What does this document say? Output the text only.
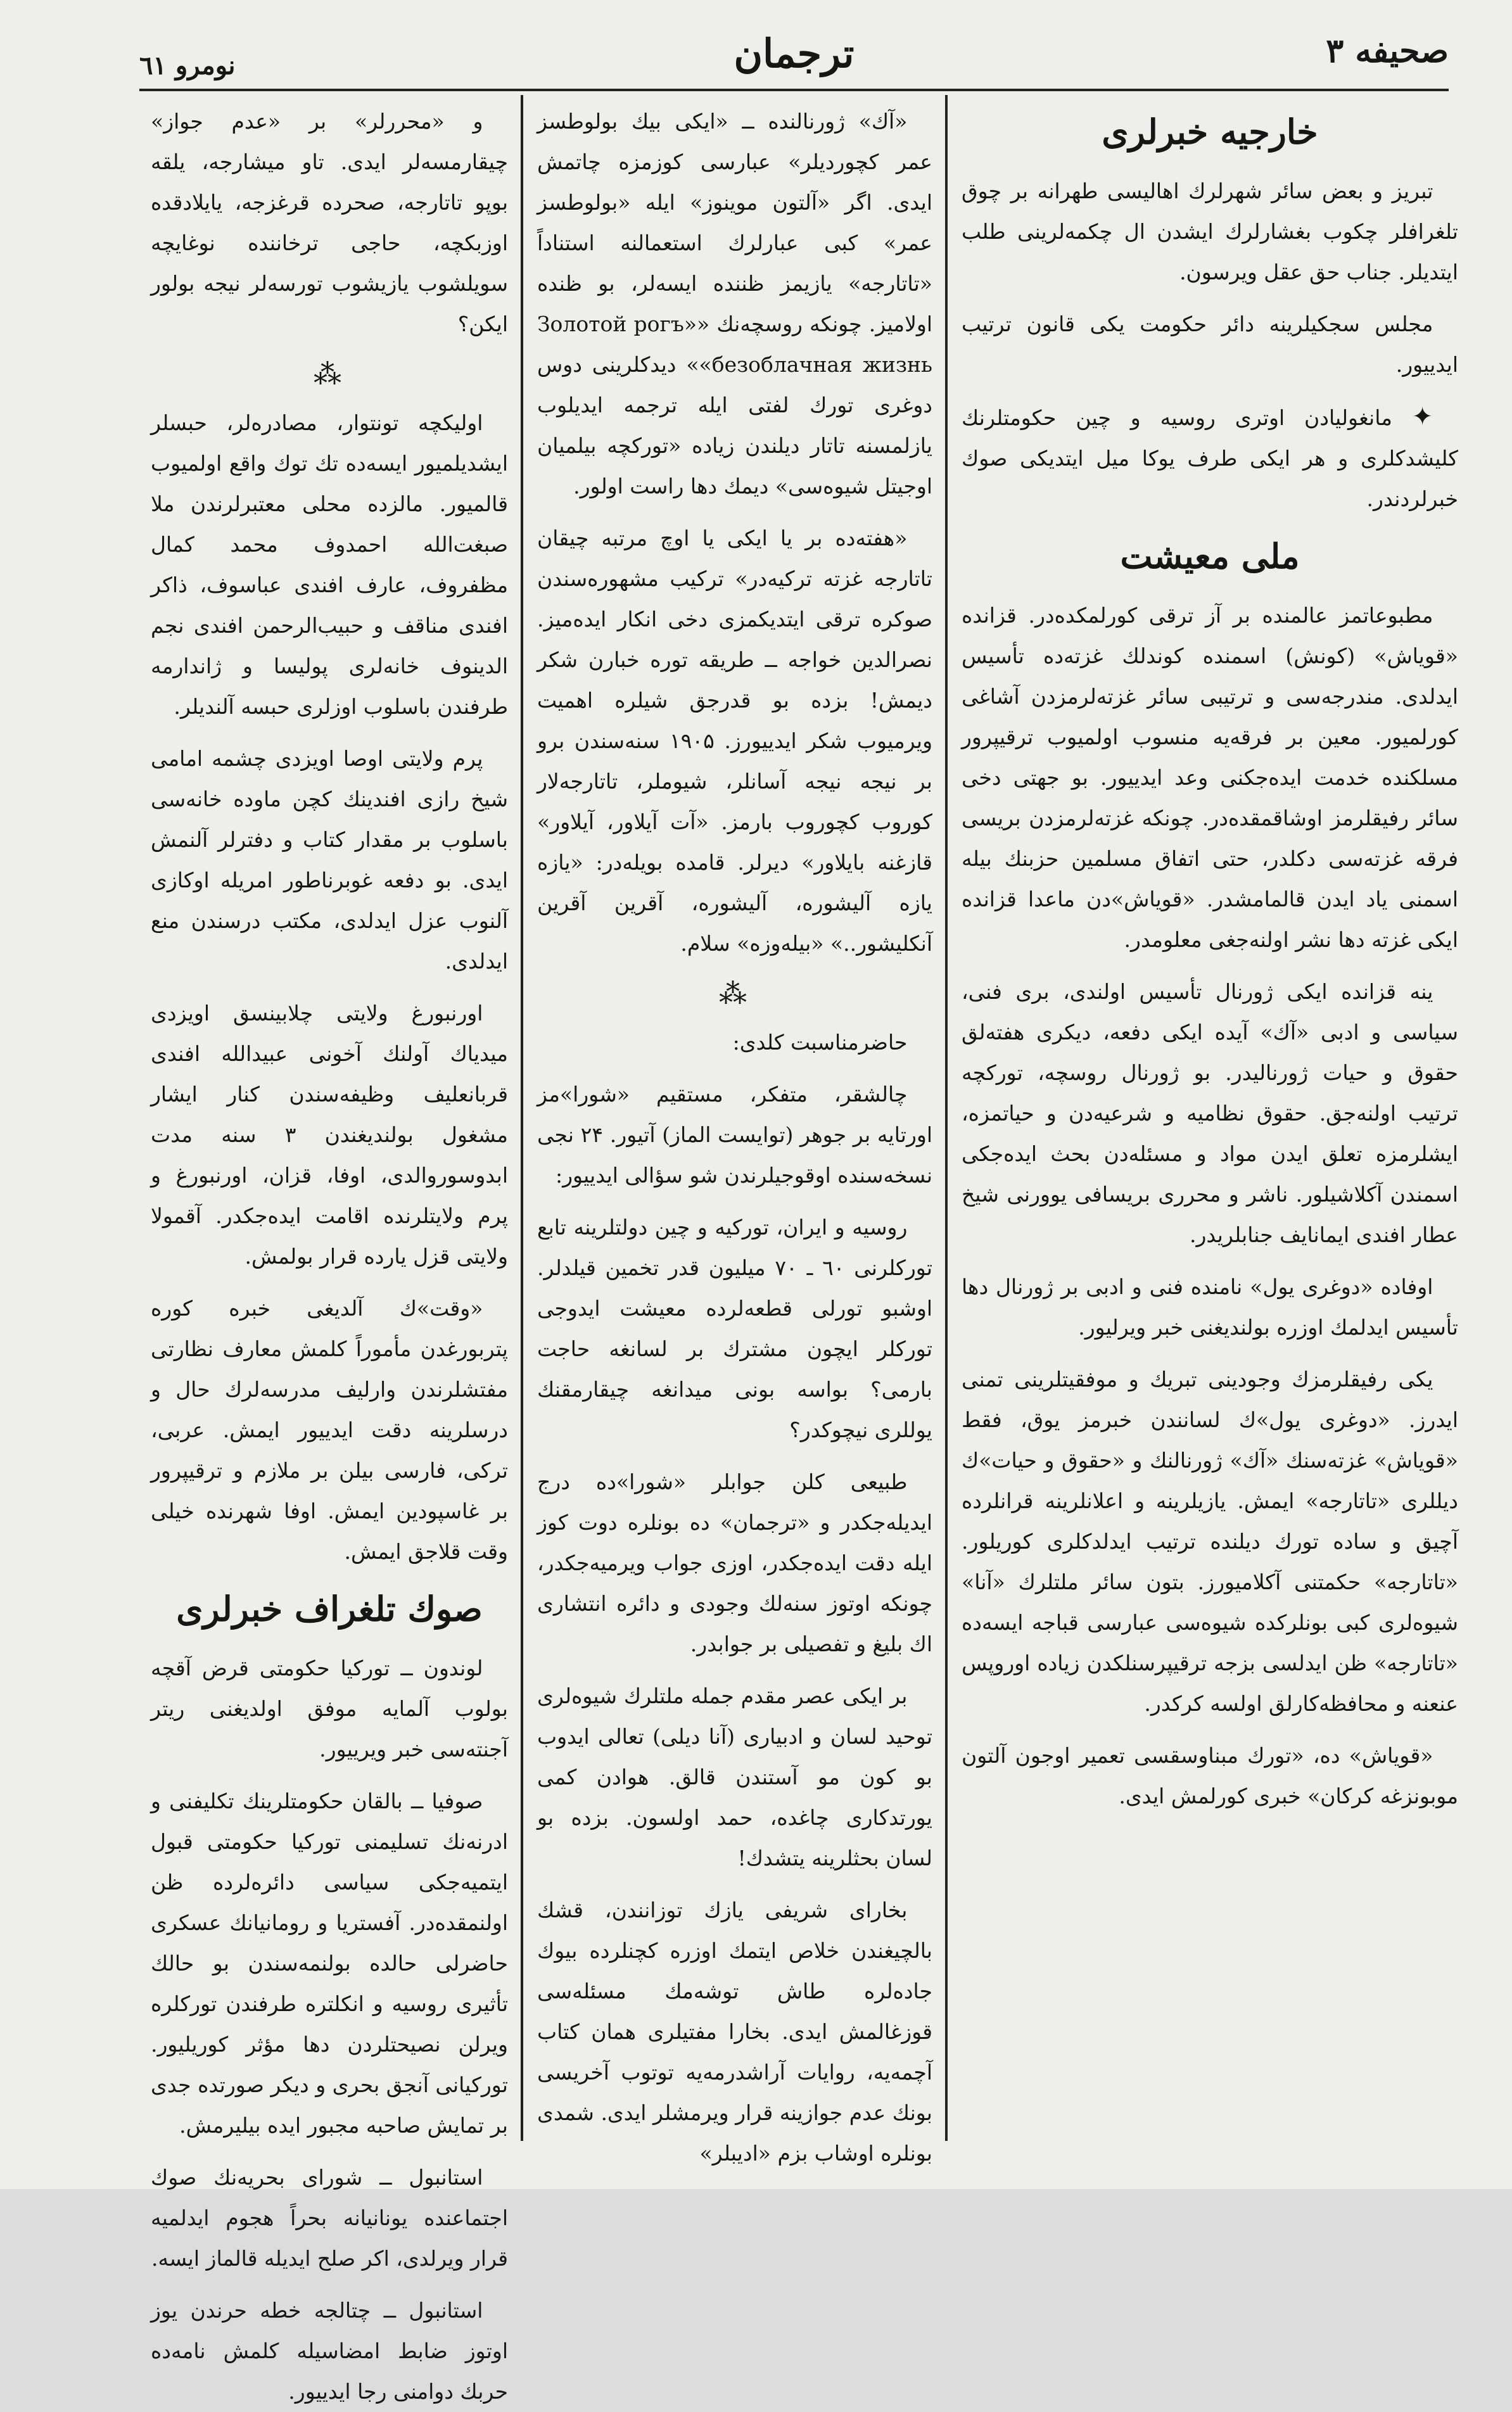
صحیفه ۳
ترجمان
نومرو ٦١
خارجیه خبرلری

تبریز و بعض سائر شهرلرك اهالیسی طهرانه بر چوق تلغرافلر چکوب بغشارلرك ایشدن ال چکمه‌لرینی طلب ایتدیلر. جناب حق عقل ویرسون.

مجلس سجکیلرینه دائر حکومت یکی قانون ترتیب ایدییور.

✦ مانغولیادن اوتری روسیه و چین حکومتلرنك کلیشدکلری و هر ایکی طرف یوکا میل ایتدیکی صوك خبرلردندر.

ملی معیشت

مطبوعاتمز عالمنده بر آز ترقی کورلمکده‌در. قزانده «قویاش» (کونش) اسمنده کوندلك غزته‌ده تأسیس ایدلدی. مندرجه‌سی و ترتیبی سائر غزته‌لرمزدن آشاغی کورلمیور. معین بر فرقه‌یه منسوب اولمیوب ترقیپرور مسلکنده خدمت ایده‌جکنی وعد ایدییور. بو جهتی دخی سائر رفیقلرمز اوشاقمقده‌در. چونکه غزته‌لرمزدن بریسی فرقه غزته‌سی دکلدر، حتی اتفاق مسلمین حزبنك بیله اسمنی یاد ایدن قالمامشدر. «قویاش»دن ماعدا قزانده ایکی غزته دها نشر اولنه‌جغی معلومدر.

ینه قزانده ایکی ژورنال تأسیس اولندی، بری فنی، سیاسی و ادبی «آك» آیده ایکی دفعه، دیکری هفته‌لق حقوق و حیات ژورنالیدر. بو ژورنال روسچه، تورکچه ترتیب اولنه‌جق. حقوق نظامیه و شرعیه‌دن و حیاتمزه، ایشلرمزه تعلق ایدن مواد و مسئله‌دن بحث ایده‌جکی اسمندن آکلاشیلور. ناشر و محرری بریسافی یوورنی شیخ عطار افندی ایمانایف جنابلریدر.

اوفاده «دوغری یول» نامنده فنی و ادبی بر ژورنال دها تأسیس ایدلمك اوزره بولندیغنی خبر ویرلیور.

یکی رفیقلرمزك وجودینی تبریك و موفقیتلرینی تمنی ایدرز. «دوغری یول»ك لسانندن خبرمز یوق، فقط «قویاش» غزته‌سنك «آك» ژورنالنك و «حقوق و حیات»ك دیللری «تاتارجه» ایمش. یازیلرینه و اعلانلرینه قرانلرده آچیق و ساده تورك دیلنده ترتیب ایدلدکلری کوریلور. «تاتارجه» حکمتنی آکلامیورز. بتون سائر ملتلرك «آنا» شیوه‌لری کبی بونلرکده شیوه‌سی عبارسی قباجه ایسه‌ده «تاتارجه» ظن ایدلسی بزجه ترقیپرسنلکدن زیاده اوروپس عنعنه و محافظه‌کارلق اولسه کرکدر.

«قویاش» ده، «تورك مبناوسقسی تعمیر اوجون آلتون موبونزغه کرکان» خبری کورلمش ایدی.

«آك» ژورنالنده ــ «ایکی بیك بولوطسز عمر کچوردیلر» عبارسی کوزمزه چاتمش ایدی. اگر «آلتون موینوز» ایله «بولوطسز عمر» کبی عبارلرك استعمالنه استناداً «تاتارجه» یازیمز ظننده ایسه‌لر، بو ظنده اولامیز. چونکه روسچه‌نك «Золотой рогъ» «безоблачная жизнь» دیدکلرینی دوس دوغری تورك لفتی ایله ترجمه ایدیلوب یازلمسنه تاتار دیلندن زیاده «تورکچه بیلمیان اوجیتل شیوه‌سی» دیمك دها راست اولور.

«هفته‌ده بر یا ایکی یا اوچ مرتبه چیقان تاتارجه غزته ترکیه‌در» ترکیب مشهوره‌سندن صوکره ترقی ایتدیکمزی دخی انکار ایده‌میز. نصرالدین خواجه ــ طریقه توره خبارن شکر دیمش! بزده بو قدرجق شیلره اهمیت ویرمیوب شکر ایدییورز. ۱۹۰۵ سنه‌سندن برو بر نیجه نیجه آسانلر، شیوملر، تاتارجه‌لار کوروب کچوروب بارمز. «آت آیلاور، آیلاور» قازغنه بایلاور» دیرلر. قامده بویله‌در: «یازه یازه آلیشوره، آلیشوره، آقرین آقرین آنکلیشور..» «بیله‌وزه» سلام.

⁂

حاضرمناسبت کلدی:

چالشقر، متفکر، مستقیم «شورا»مز اورتایه بر جوهر (توایست الماز) آتیور. ۲۴ نجی نسخه‌سنده اوقوجیلرندن شو سؤالی ایدییور:

روسیه و ایران، تورکیه و چین دولتلرینه تابع تورکلرنی ٦۰ ـ ۷۰ میلیون قدر تخمین قیلدلر. اوشبو تورلی قطعه‌لرده معیشت ایدوجی تورکلر ایچون مشترك بر لسانغه حاجت بارمی؟ بواسه بونی میدانغه چیقارمقنك یوللری نیچوکدر؟

طبیعی کلن جوابلر «شورا»ده درج ایدیله‌جکدر و «ترجمان» ده بونلره دوت کوز ایله دقت ایده‌جکدر، اوزی جواب ویرمیه‌جکدر، چونکه اوتوز سنه‌لك وجودی و دائره انتشاری اك بلیغ و تفصیلی بر جوابدر.

بر ایکی عصر مقدم جمله ملتلرك شیوه‌لری توحید لسان و ادبیاری (آنا دیلی) تعالی ایدوب بو کون مو آستندن قالق. هوادن کمی یورتدکاری چاغده، حمد اولسون. بزده بو لسان بحثلرینه یتشدك!

بخارای شریفی یازك توزانندن، قشك بالچیغندن خلاص ایتمك اوزره کچنلرده بیوك جاده‌لره طاش توشه‌مك مسئله‌سی قوزغالمش ایدی. بخارا مفتیلری همان کتاب آچمه‌یه، روایات آراشدرمه‌یه توتوب آخریسی بونك عدم جوازینه قرار ویرمشلر ایدی. شمدی بونلره اوشاب بزم «ادیبلر»

و «محررلر» بر «عدم جواز» چیقارمسه‌لر ایدی. تاو میشارجه، یلقه بوپو تاتارجه، صحرده قرغزجه، یایلادقده اوزبکچه، حاجی ترخاننده نوغایچه سویلشوب یازیشوب تورسه‌لر نیجه بولور ایکن؟

⁂

اولیکچه تونتوار، مصادره‌لر، حبسلر ایشدیلمیور ایسه‌ده تك توك واقع اولمیوب قالمیور. مالزده محلی معتبرلرندن ملا صبغت‌الله احمدوف محمد کمال مظفروف، عارف افندی عباسوف، ذاکر افندی مناقف و حبیب‌الرحمن افندی نجم الدینوف خانه‌لری پولیسا و ژاندارمه طرفندن باسلوب اوزلری حبسه آلندیلر.

پرم ولایتی اوصا اویزدی چشمه امامی شیخ رازی افندینك کچن ماوده خانه‌سی باسلوب بر مقدار کتاب و دفترلر آلنمش ایدی. بو دفعه غوبرناطور امریله اوکازی آلنوب عزل ایدلدی، مکتب درسندن منع ایدلدی.

اورنبورغ ولایتی چلابینسق اویزدی میدیاك آولنك آخونی عبیدالله افندی قربانعلیف وظیفه‌سندن کنار ایشار مشغول بولندیغندن ۳ سنه مدت ابدوسوروالدی، اوفا، قزان، اورنبورغ و پرم ولایتلرنده اقامت ایده‌جکدر. آقمولا ولایتی قزل یارده قرار بولمش.

«وقت»ك آلدیغی خبره کوره پتربورغدن مأموراً کلمش معارف نظارتی مفتشلرندن وارلیف مدرسه‌لرك حال و درسلرینه دقت ایدییور ایمش. عربی، ترکی، فارسی بیلن بر ملازم و ترقیپرور بر غاسپودین ایمش. اوفا شهرنده خیلی وقت قلاجق ایمش.

صوك تلغراف خبرلری

لوندون ــ تورکیا حکومتی قرض آقچه بولوب آلمایه موفق اولدیغنی ریتر آجنته‌سی خبر ویرییور.

صوفیا ــ بالقان حکومتلرینك تکلیفنی و ادرنه‌نك تسلیمنی تورکیا حکومتی قبول ایتمیه‌جکی سیاسی دائره‌لرده ظن اولنمقده‌در. آفستریا و رومانیانك عسکری حاضرلی حالده بولنمه‌سندن بو حالك تأثیری روسیه و انکلتره طرفندن تورکلره ویرلن نصیحتلردن دها مؤثر کوریلیور. تورکیانی آنجق بحری و دیکر صورتده جدی بر تمایش صاحبه مجبور ایده بیلیرمش.

استانبول ــ شورای بحریه‌نك صوك اجتماعنده یونانیانه بحراً هجوم ایدلمیه قرار ویرلدی، اکر صلح ایدیله قالماز ایسه.

استانبول ــ چتالجه خطه حرندن یوز اوتوز ضابط امضاسیله کلمش نامه‌ده حربك دوامنی رجا ایدییور.
